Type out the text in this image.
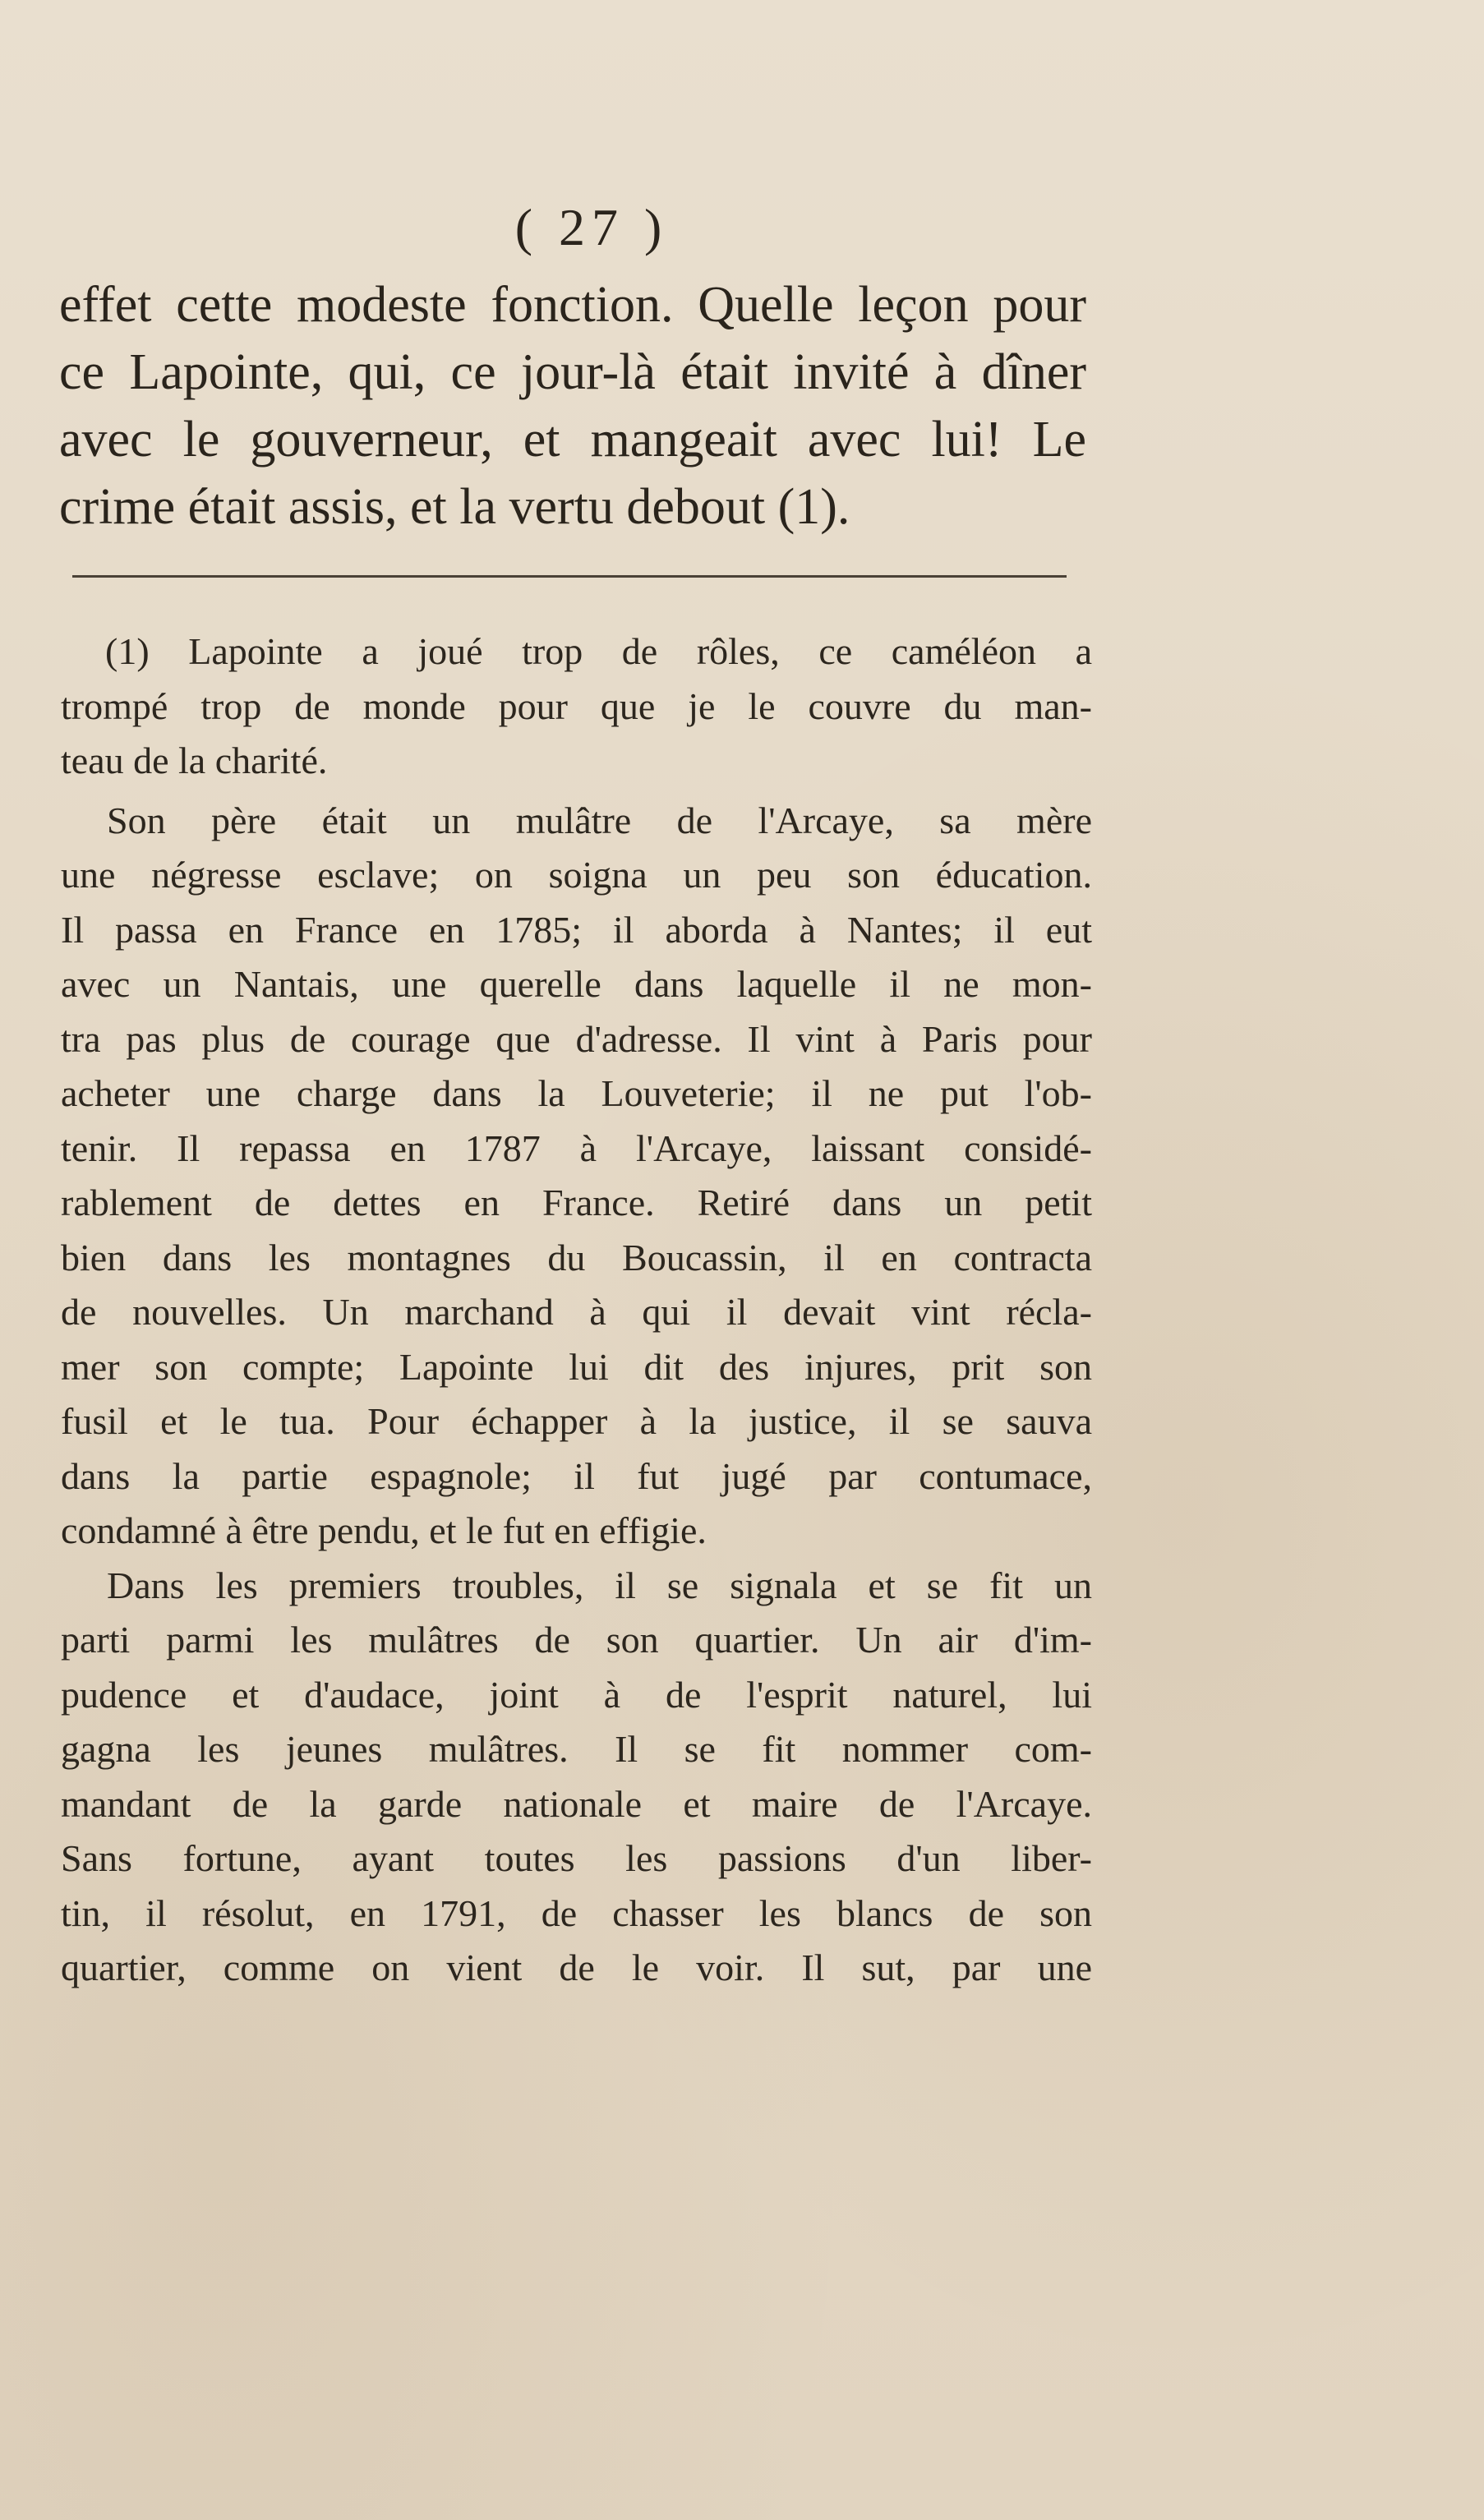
( 27 )
effet cette modeste fonction. Quelle leçon pour
ce Lapointe, qui, ce jour-là était invité à dîner
avec le gouverneur, et mangeait avec lui! Le
crime était assis, et la vertu debout (1).
(1) Lapointe a joué trop de rôles, ce caméléon a
trompé trop de monde pour que je le couvre du man-
teau de la charité.
Son père était un mulâtre de l'Arcaye, sa mère
une négresse esclave; on soigna un peu son éducation.
Il passa en France en 1785; il aborda à Nantes; il eut
avec un Nantais, une querelle dans laquelle il ne mon-
tra pas plus de courage que d'adresse. Il vint à Paris pour
acheter une charge dans la Louveterie; il ne put l'ob-
tenir. Il repassa en 1787 à l'Arcaye, laissant considé-
rablement de dettes en France. Retiré dans un petit
bien dans les montagnes du Boucassin, il en contracta
de nouvelles. Un marchand à qui il devait vint récla-
mer son compte; Lapointe lui dit des injures, prit son
fusil et le tua. Pour échapper à la justice, il se sauva
dans la partie espagnole; il fut jugé par contumace,
condamné à être pendu, et le fut en effigie.
Dans les premiers troubles, il se signala et se fit un
parti parmi les mulâtres de son quartier. Un air d'im-
pudence et d'audace, joint à de l'esprit naturel, lui
gagna les jeunes mulâtres. Il se fit nommer com-
mandant de la garde nationale et maire de l'Arcaye.
Sans fortune, ayant toutes les passions d'un liber-
tin, il résolut, en 1791, de chasser les blancs de son
quartier, comme on vient de le voir. Il sut, par une
